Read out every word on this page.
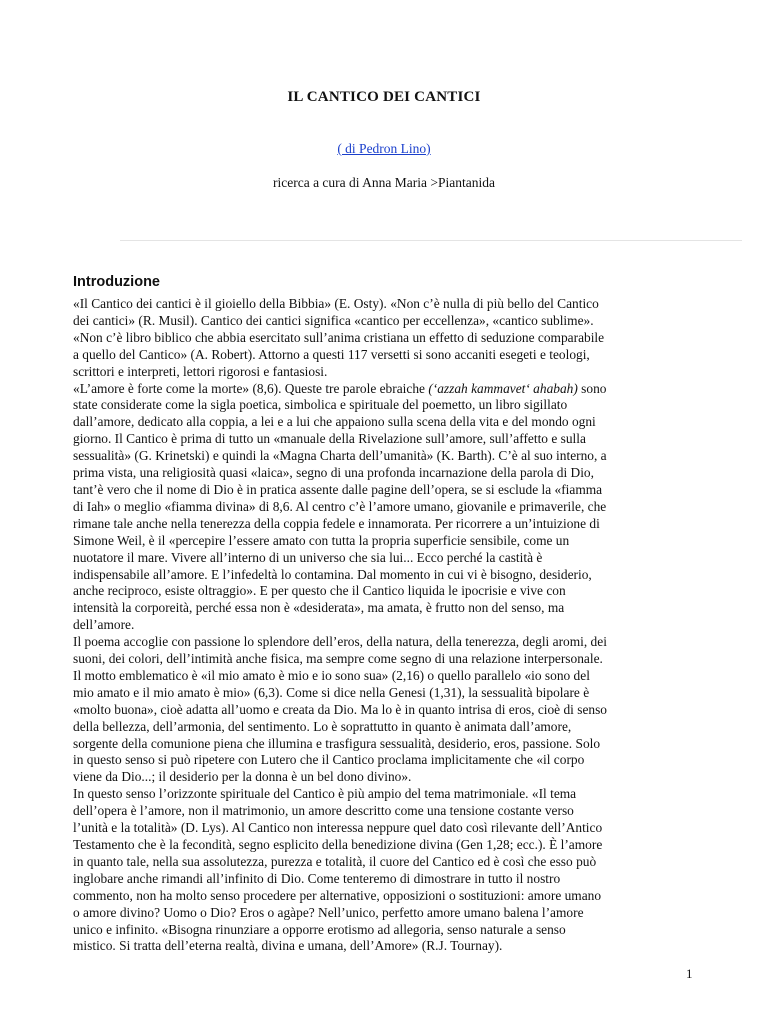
IL CANTICO DEI CANTICI
( di Pedron Lino)
ricerca a cura di Anna Maria >Piantanida
Introduzione
«Il Cantico dei cantici è il gioiello della Bibbia» (E. Osty). «Non c’è nulla di più bello del Cantico
dei cantici» (R. Musil). Cantico dei cantici significa «cantico per eccellenza», «cantico sublime».
«Non c’è libro biblico che abbia esercitato sull’anima cristiana un effetto di seduzione comparabile
a quello del Cantico» (A. Robert). Attorno a questi 117 versetti si sono accaniti esegeti e teologi,
scrittori e interpreti, lettori rigorosi e fantasiosi.
«L’amore è forte come la morte» (8,6). Queste tre parole ebraiche (‘azzah kammavet‘ ahabah) sono
state considerate come la sigla poetica, simbolica e spirituale del poemetto, un libro sigillato
dall’amore, dedicato alla coppia, a lei e a lui che appaiono sulla scena della vita e del mondo ogni
giorno. Il Cantico è prima di tutto un «manuale della Rivelazione sull’amore, sull’affetto e sulla
sessualità» (G. Krinetski) e quindi la «Magna Charta dell’umanità» (K. Barth). C’è al suo interno, a
prima vista, una religiosità quasi «laica», segno di una profonda incarnazione della parola di Dio,
tant’è vero che il nome di Dio è in pratica assente dalle pagine dell’opera, se si esclude la «fiamma
di Iah» o meglio «fiamma divina» di 8,6. Al centro c’è l’amore umano, giovanile e primaverile, che
rimane tale anche nella tenerezza della coppia fedele e innamorata. Per ricorrere a un’intuizione di
Simone Weil, è il «percepire l’essere amato con tutta la propria superficie sensibile, come un
nuotatore il mare. Vivere all’interno di un universo che sia lui... Ecco perché la castità è
indispensabile all’amore. E l’infedeltà lo contamina. Dal momento in cui vi è bisogno, desiderio,
anche reciproco, esiste oltraggio». E per questo che il Cantico liquida le ipocrisie e vive con
intensità la corporeità, perché essa non è «desiderata», ma amata, è frutto non del senso, ma
dell’amore.
Il poema accoglie con passione lo splendore dell’eros, della natura, della tenerezza, degli aromi, dei
suoni, dei colori, dell’intimità anche fisica, ma sempre come segno di una relazione interpersonale.
Il motto emblematico è «il mio amato è mio e io sono sua» (2,16) o quello parallelo «io sono del
mio amato e il mio amato è mio» (6,3). Come si dice nella Genesi (1,31), la sessualità bipolare è
«molto buona», cioè adatta all’uomo e creata da Dio. Ma lo è in quanto intrisa di eros, cioè di senso
della bellezza, dell’armonia, del sentimento. Lo è soprattutto in quanto è animata dall’amore,
sorgente della comunione piena che illumina e trasfigura sessualità, desiderio, eros, passione. Solo
in questo senso si può ripetere con Lutero che il Cantico proclama implicitamente che «il corpo
viene da Dio...; il desiderio per la donna è un bel dono divino».
In questo senso l’orizzonte spirituale del Cantico è più ampio del tema matrimoniale. «Il tema
dell’opera è l’amore, non il matrimonio, un amore descritto come una tensione costante verso
l’unità e la totalità» (D. Lys). Al Cantico non interessa neppure quel dato così rilevante dell’Antico
Testamento che è la fecondità, segno esplicito della benedizione divina (Gen 1,28; ecc.). È l’amore
in quanto tale, nella sua assolutezza, purezza e totalità, il cuore del Cantico ed è così che esso può
inglobare anche rimandi all’infinito di Dio. Come tenteremo di dimostrare in tutto il nostro
commento, non ha molto senso procedere per alternative, opposizioni o sostituzioni: amore umano
o amore divino? Uomo o Dio? Eros o agàpe? Nell’unico, perfetto amore umano balena l’amore
unico e infinito. «Bisogna rinunziare a opporre erotismo ad allegoria, senso naturale a senso
mistico. Si tratta dell’eterna realtà, divina e umana, dell’Amore» (R.J. Tournay).
1
